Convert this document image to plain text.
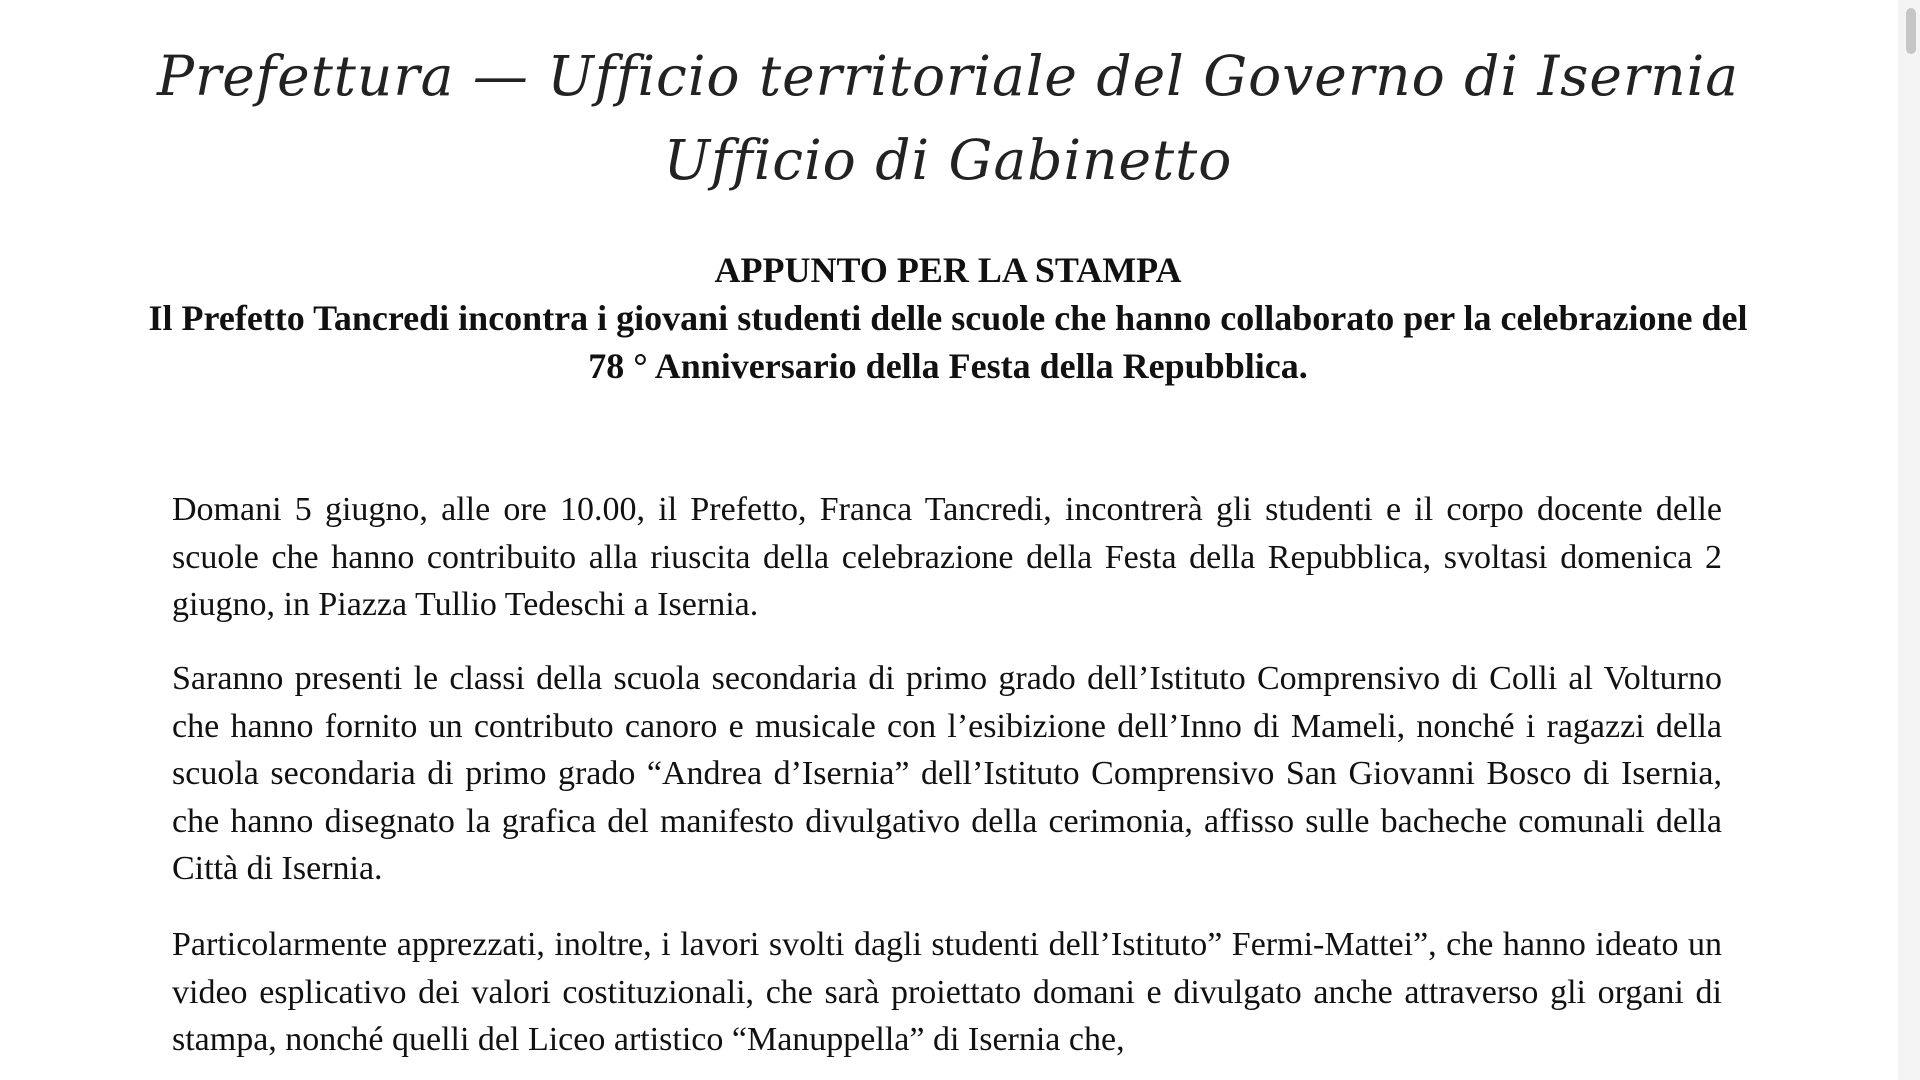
Prefettura — Ufficio territoriale del Governo di Isernia
Ufficio di Gabinetto
APPUNTO PER LA STAMPA
Il Prefetto Tancredi incontra i giovani studenti delle scuole che hanno collaborato per la celebrazione del 78 ° Anniversario della Festa della Repubblica.

Domani 5 giugno, alle ore 10.00, il Prefetto, Franca Tancredi, incontrerà gli studenti e il corpo docente delle scuole che hanno contribuito alla riuscita della celebrazione della Festa della Repubblica, svoltasi domenica 2 giugno, in Piazza Tullio Tedeschi a Isernia.

Saranno presenti le classi della scuola secondaria di primo grado dell’Istituto Comprensivo di Colli al Volturno che hanno fornito un contributo canoro e musicale con l’esibizione dell’Inno di Mameli, nonché i ragazzi della scuola secondaria di primo grado “Andrea d’Isernia” dell’Istituto Comprensivo San Giovanni Bosco di Isernia, che hanno disegnato la grafica del manifesto divulgativo della cerimonia, affisso sulle bacheche comunali della Città di Isernia.

Particolarmente apprezzati, inoltre, i lavori svolti dagli studenti dell’Istituto” Fermi-Mattei”, che hanno ideato un video esplicativo dei valori costituzionali, che sarà proiettato domani e divulgato anche attraverso gli organi di stampa, nonché quelli del Liceo artistico “Manuppella” di Isernia che,
